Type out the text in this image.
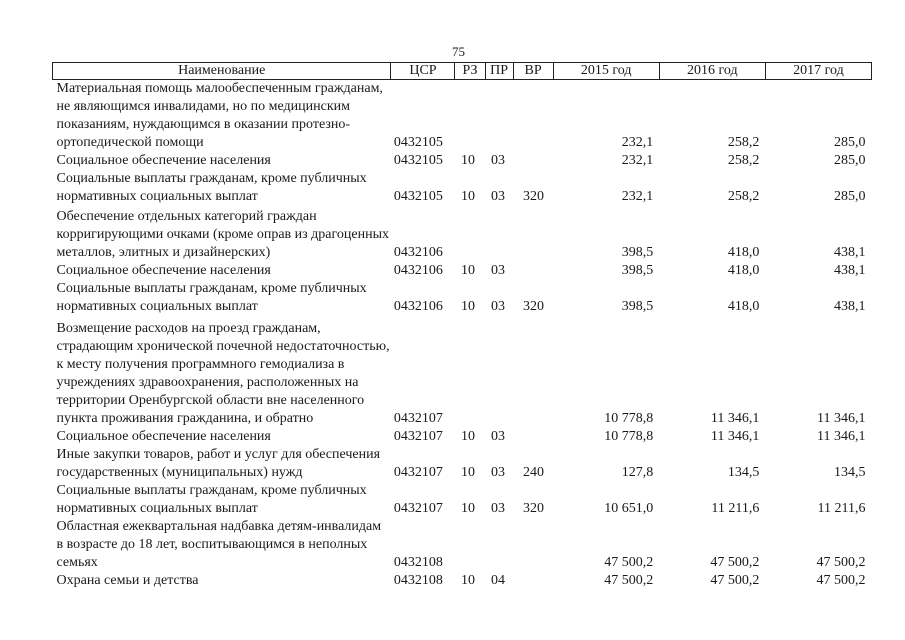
75
Наименование	ЦСР	РЗ	ПР	ВР	2015 год	2016 год	2017 год
Материальная помощь малообеспеченным гражданам, не являющимся инвалидами, но по медицинским показаниям, нуждающимся в оказании протезно-ортопедической помощи	0432105				232,1	258,2	285,0
Социальное обеспечение населения	0432105	10	03		232,1	258,2	285,0
Социальные выплаты гражданам, кроме публичных нормативных социальных выплат	0432105	10	03	320	232,1	258,2	285,0
Обеспечение отдельных категорий граждан корригирующими очками (кроме оправ из драгоценных металлов, элитных и дизайнерских)	0432106				398,5	418,0	438,1
Социальное обеспечение населения	0432106	10	03		398,5	418,0	438,1
Социальные выплаты гражданам, кроме публичных нормативных социальных выплат	0432106	10	03	320	398,5	418,0	438,1
Возмещение расходов на проезд гражданам, страдающим хронической почечной недостаточностью, к месту получения программного гемодиализа в учреждениях здравоохранения, расположенных на территории Оренбургской области вне населенного пункта проживания гражданина, и обратно	0432107				10 778,8	11 346,1	11 346,1
Социальное обеспечение населения	0432107	10	03		10 778,8	11 346,1	11 346,1
Иные закупки товаров, работ и услуг для обеспечения государственных (муниципальных) нужд	0432107	10	03	240	127,8	134,5	134,5
Социальные выплаты гражданам, кроме публичных нормативных социальных выплат	0432107	10	03	320	10 651,0	11 211,6	11 211,6
Областная ежеквартальная надбавка детям-инвалидам в возрасте до 18 лет, воспитывающимся в неполных семьях	0432108				47 500,2	47 500,2	47 500,2
Охрана семьи и детства	0432108	10	04		47 500,2	47 500,2	47 500,2
